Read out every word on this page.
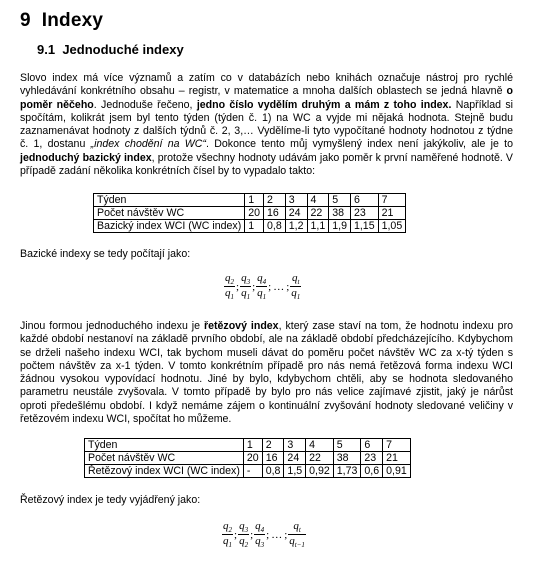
9 Indexy
9.1 Jednoduché indexy
Slovo index má více významů a zatím co v databázích nebo knihách označuje nástroj pro rychlé vyhledávání konkrétního obsahu – registr, v matematice a mnoha dalších oblastech se jedná hlavně o poměr něčeho. Jednoduše řečeno, jedno číslo vydělím druhým a mám z toho index. Například si spočítám, kolikrát jsem byl tento týden (týden č. 1) na WC a vyjde mi nějaká hodnota. Stejně budu zaznamenávat hodnoty z dalších týdnů č. 2, 3,… Vydělíme-li tyto vypočítané hodnoty hodnotou z týdne č. 1, dostanu „index chodění na WC“. Dokonce tento můj vymyšlený index není jakýkoliv, ale je to jednoduchý bazický index, protože všechny hodnoty udávám jako poměr k první naměřené hodnotě. V případě zadání několika konkrétních čísel by to vypadalo takto:
Týden	1	2	3	4	5	6	7
Počet návštěv WC	20	16	24	22	38	23	21
Bazický index WCI (WC index)	1	0,8	1,2	1,1	1,9	1,15	1,05
Bazické indexy se tedy počítají jako:
$\frac{q_2}{q_1}$ ; $\frac{q_3}{q_1}$ ; $\frac{q_4}{q_1}$ ; … ; $\frac{q_t}{q_1}$
Jinou formou jednoduchého indexu je řetězový index, který zase staví na tom, že hodnotu indexu pro každé období nestanoví na základě prvního období, ale na základě období předcházejícího. Kdybychom se drželi našeho indexu WCI, tak bychom museli dávat do poměru počet návštěv WC za x-tý týden s počtem návštěv za x-1 týden. V tomto konkrétním případě pro nás nemá řetězová forma indexu WCI žádnou vysokou vypovídací hodnotu. Jiné by bylo, kdybychom chtěli, aby se hodnota sledovaného parametru neustále zvyšovala. V tomto případě by bylo pro nás velice zajímavé zjistit, jaký je nárůst oproti předešlému období. I když nemáme zájem o kontinuální zvyšování hodnoty sledované veličiny v řetězovém indexu WCI, spočítat ho můžeme.
Týden	1	2	3	4	5	6	7
Počet návštěv WC	20	16	24	22	38	23	21
Řetězový index WCI (WC index)	-	0,8	1,5	0,92	1,73	0,6	0,91
Řetězový index je tedy vyjádřený jako:
$\frac{q_2}{q_1}$ ; $\frac{q_3}{q_2}$ ; $\frac{q_4}{q_3}$ ; … ; $\frac{q_t}{q_{t-1}}$
